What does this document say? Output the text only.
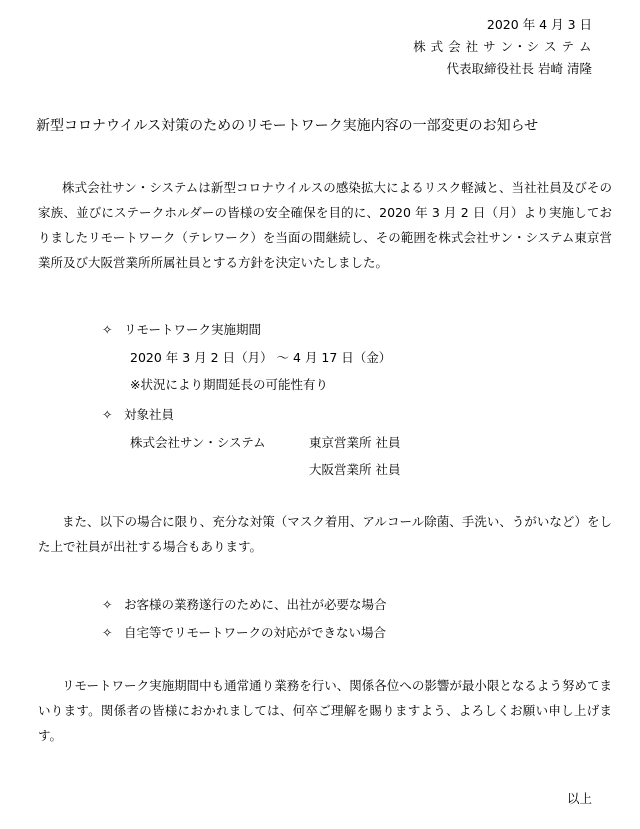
2020 年 4 月 3 日
株 式 会 社 サ ン・シ ス テ ム
代表取締役社長 岩崎 清隆
新型コロナウイルス対策のためのリモートワーク実施内容の一部変更のお知らせ

株式会社サン・システムは新型コロナウイルスの感染拡大によるリスク軽減と、当社社員及びその家族、並びにステークホルダーの皆様の安全確保を目的に、2020 年 3 月 2 日（月）より実施しておりましたリモートワーク（テレワーク）を当面の間継続し、その範囲を株式会社サン・システム東京営業所及び大阪営業所所属社員とする方針を決定いたしました。

✧ リモートワーク実施期間
2020 年 3 月 2 日（月） 〜 4 月 17 日（金）
※状況により期間延長の可能性有り
✧ 対象社員
株式会社サン・システム	東京営業所 社員
大阪営業所 社員

また、以下の場合に限り、充分な対策（マスク着用、アルコール除菌、手洗い、うがいなど）をした上で社員が出社する場合もあります。

✧ お客様の業務遂行のために、出社が必要な場合
✧ 自宅等でリモートワークの対応ができない場合

リモートワーク実施期間中も通常通り業務を行い、関係各位への影響が最小限となるよう努めてまいります。関係者の皆様におかれましては、何卒ご理解を賜りますよう、よろしくお願い申し上げます。

以上
